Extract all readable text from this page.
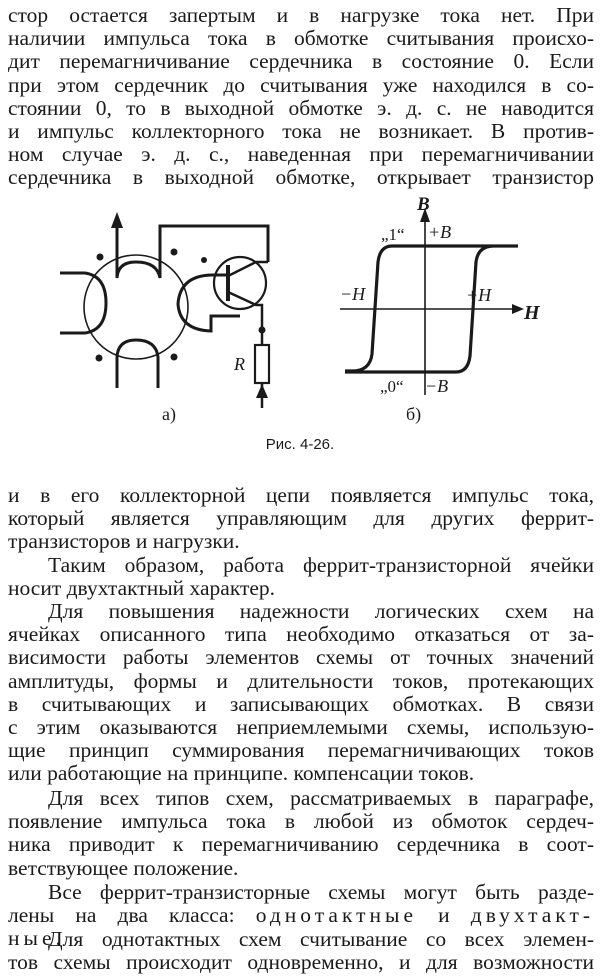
стор остается запертым и в нагрузке тока нет. При
наличии импульса тока в обмотке считывания происхо-
дит перемагничивание сердечника в состояние 0. Если
при этом сердечник до считывания уже находился в со-
стоянии 0, то в выходной обмотке э. д. с. не наводится
и импульс коллекторного тока не возникает. В против-
ном случае э. д. с., наведенная при перемагничивании
сердечника в выходной обмотке, открывает транзистор
R
а)
B
H
„1“ +B
−H	+H
„0“ −B
б)
Рис. 4-26.
и в его коллекторной цепи появляется импульс тока,
который является управляющим для других феррит-
транзисторов и нагрузки.
Таким образом, работа феррит-транзисторной ячейки
носит двухтактный характер.
Для повышения надежности логических схем на
ячейках описанного типа необходимо отказаться от за-
висимости работы элементов схемы от точных значений
амплитуды, формы и длительности токов, протекающих
в считывающих и записывающих обмотках. В связи
с этим оказываются неприемлемыми схемы, использую-
щие принцип суммирования перемагничивающих токов
или работающие на принципе. компенсации токов.
Для всех типов схем, рассматриваемых в параграфе,
появление импульса тока в любой из обмоток сердеч-
ника приводит к перемагничиванию сердечника в соот-
ветствующее положение.
Все феррит-транзисторные схемы могут быть разде-
лены на два класса: однотактные и двухтакт-
ные.
Для однотактных схем считывание со всех элемен-
тов схемы происходит одновременно, и для возможности
